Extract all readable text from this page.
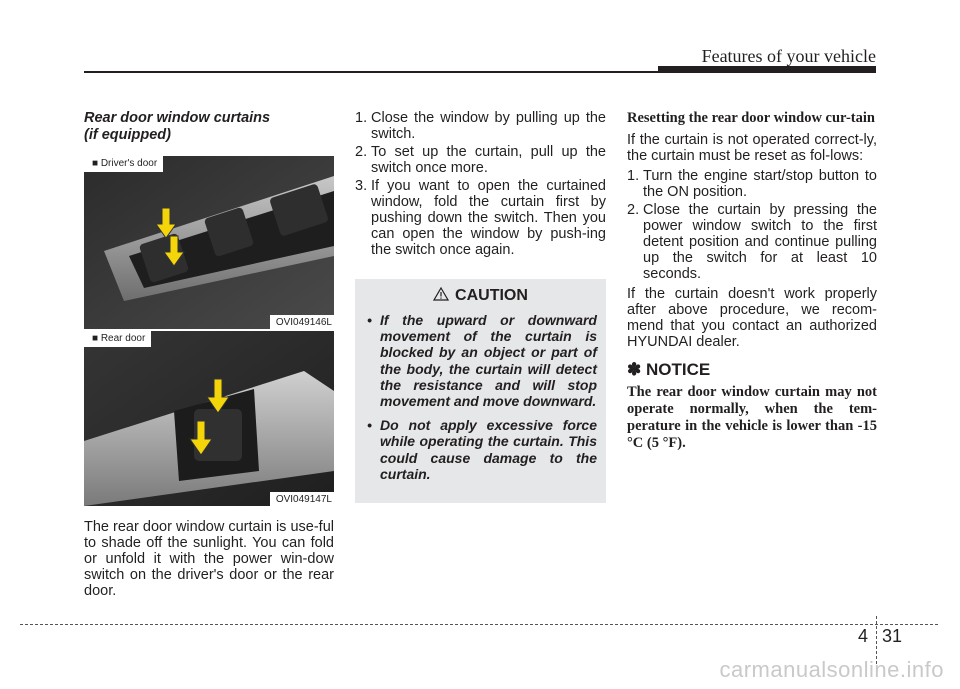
Features of your vehicle
Rear door window curtains
(if equipped)
■ Driver's door
OVI049146L
■ Rear door
OVI049147L
The rear door window curtain is use-ful to shade off the sunlight. You can fold or unfold it with the power win-dow switch on the driver's door or the rear door.
1. Close the window by pulling up the switch.
2. To set up the curtain, pull up the switch once more.
3. If you want to open the curtained window, fold the curtain first by pushing down the switch. Then you can open the window by push-ing the switch once again.
CAUTION
• If the upward or downward movement of the curtain is blocked by an object or part of the body, the curtain will detect the resistance and will stop movement and move downward.
• Do not apply excessive force while operating the curtain. This could cause damage to the curtain.
Resetting the rear door window cur-tain
If the curtain is not operated correct-ly, the curtain must be reset as fol-lows:
1. Turn the engine start/stop button to the ON position.
2. Close the curtain by pressing the power window switch to the first detent position and continue pulling up the switch for at least 10 seconds.
If the curtain doesn't work properly after above procedure, we recom-mend that you contact an authorized HYUNDAI dealer.
✽ NOTICE
The rear door window curtain may not operate normally, when the tem-perature in the vehicle is lower than -15 °C (5 °F).
4 31
carmanualsonline.info
